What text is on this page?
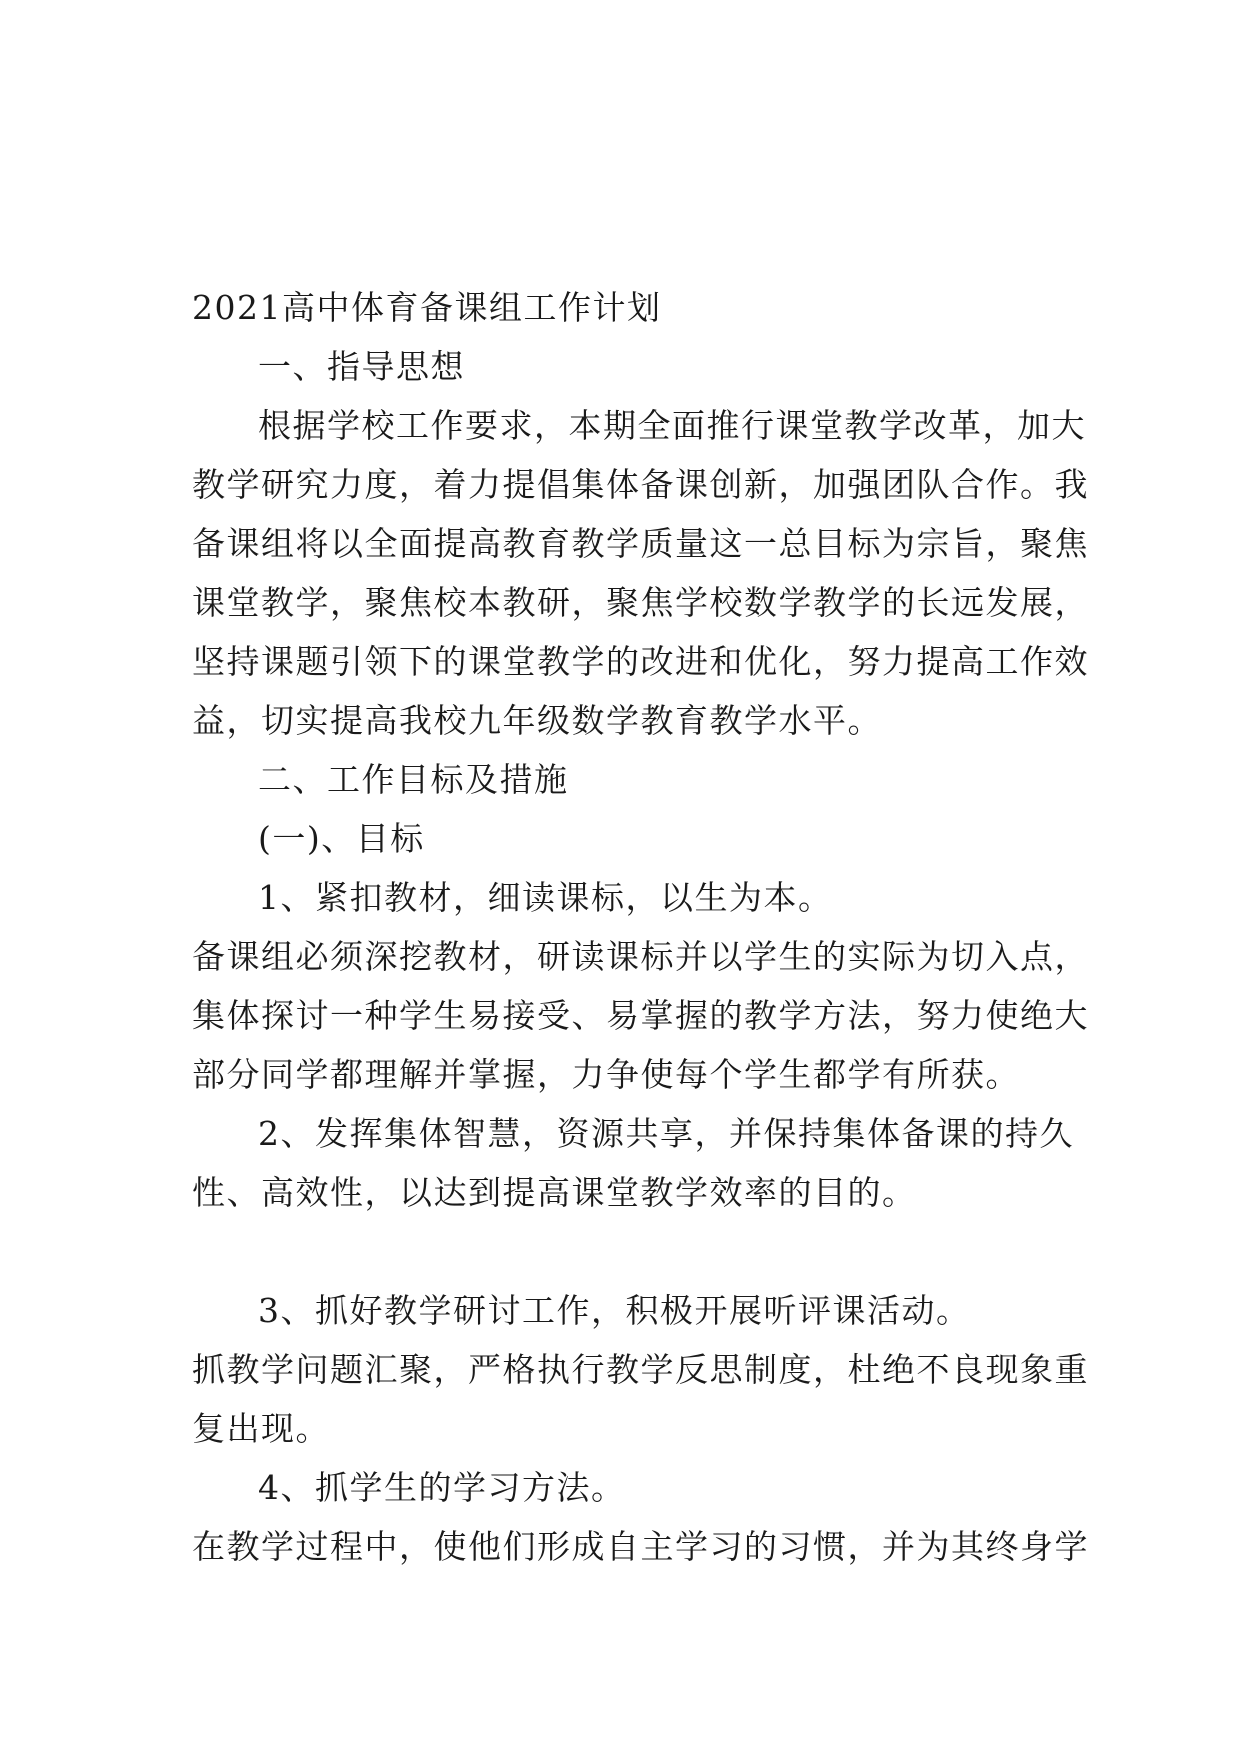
2021高中体育备课组工作计划
一、指导思想
根据学校工作要求，本期全面推行课堂教学改革，加大
教学研究力度，着力提倡集体备课创新，加强团队合作。我
备课组将以全面提高教育教学质量这一总目标为宗旨，聚焦
课堂教学，聚焦校本教研，聚焦学校数学教学的长远发展，
坚持课题引领下的课堂教学的改进和优化，努力提高工作效
益，切实提高我校九年级数学教育教学水平。
二、工作目标及措施
(一)、目标
1、紧扣教材，细读课标，以生为本。
备课组必须深挖教材，研读课标并以学生的实际为切入点，
集体探讨一种学生易接受、易掌握的教学方法，努力使绝大
部分同学都理解并掌握，力争使每个学生都学有所获。
2、发挥集体智慧，资源共享，并保持集体备课的持久
性、高效性，以达到提高课堂教学效率的目的。
3、抓好教学研讨工作，积极开展听评课活动。
抓教学问题汇聚，严格执行教学反思制度，杜绝不良现象重
复出现。
4、抓学生的学习方法。
在教学过程中，使他们形成自主学习的习惯，并为其终身学
